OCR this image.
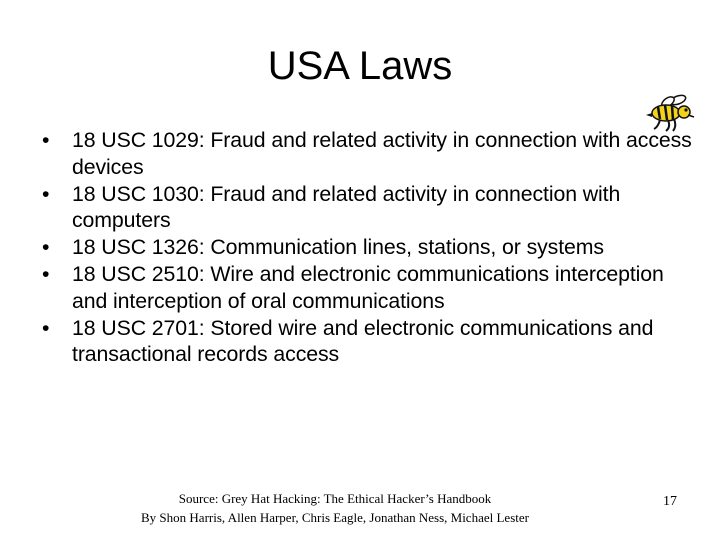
USA Laws
• 18 USC 1029: Fraud and related activity in connection with access devices
• 18 USC 1030: Fraud and related activity in connection with computers
• 18 USC 1326: Communication lines, stations, or systems
• 18 USC 2510: Wire and electronic communications interception and interception of oral communications
• 18 USC 2701: Stored wire and electronic communications and transactional records access
Source: Grey Hat Hacking: The Ethical Hacker’s Handbook
By Shon Harris, Allen Harper, Chris Eagle, Jonathan Ness, Michael Lester
17
